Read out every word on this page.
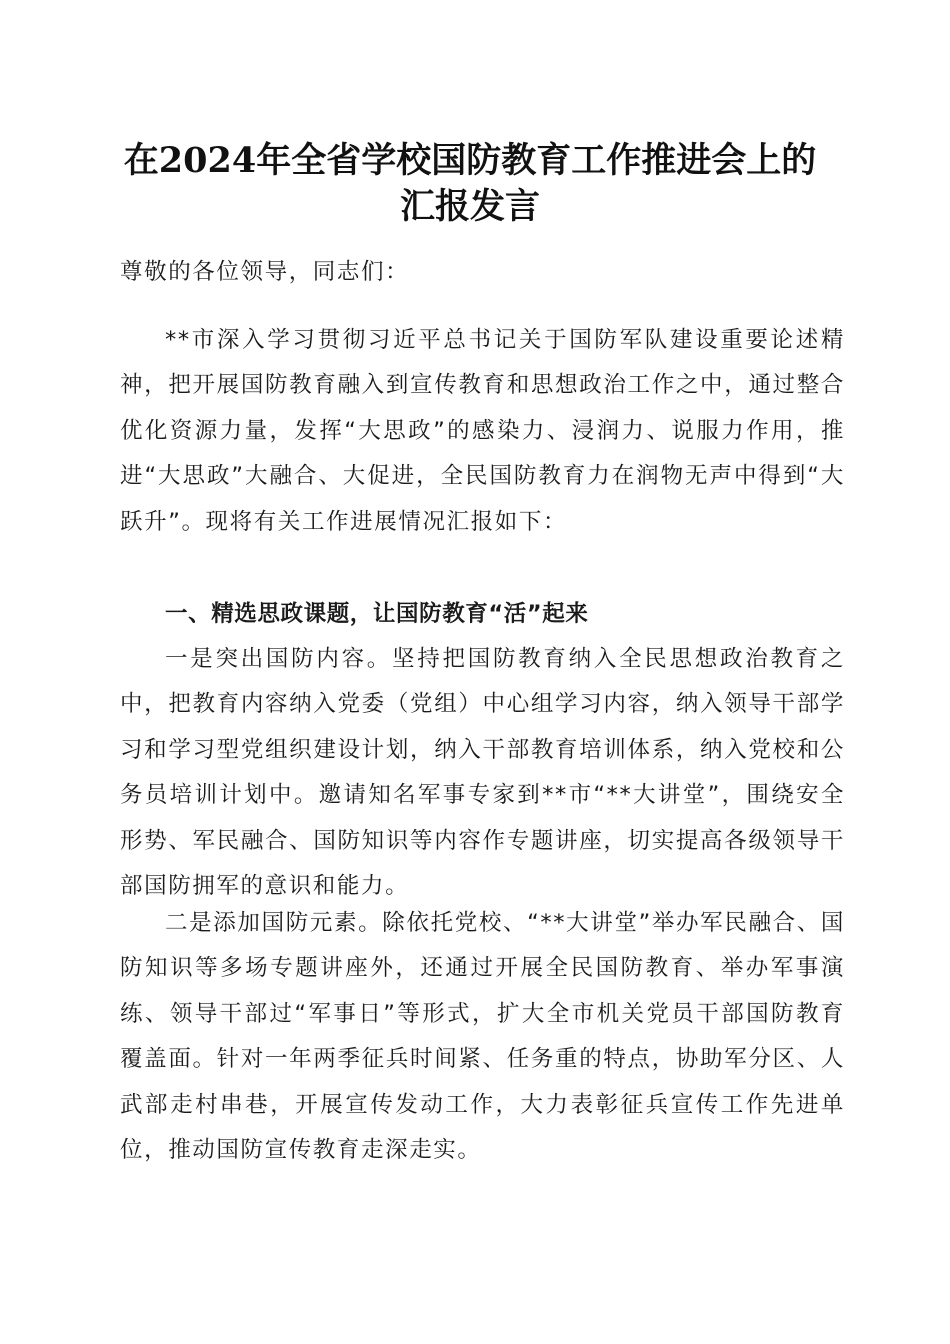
在2024年全省学校国防教育工作推进会上的
汇报发言
尊敬的各位领导，同志们：

**市深入学习贯彻习近平总书记关于国防军队建设重要论述精神，把开展国防教育融入到宣传教育和思想政治工作之中，通过整合优化资源力量，发挥“大思政”的感染力、浸润力、说服力作用，推进“大思政”大融合、大促进，全民国防教育力在润物无声中得到“大跃升”。现将有关工作进展情况汇报如下：

一、精选思政课题，让国防教育“活”起来

一是突出国防内容。坚持把国防教育纳入全民思想政治教育之中，把教育内容纳入党委（党组）中心组学习内容，纳入领导干部学习和学习型党组织建设计划，纳入干部教育培训体系，纳入党校和公务员培训计划中。邀请知名军事专家到**市“**大讲堂”，围绕安全形势、军民融合、国防知识等内容作专题讲座，切实提高各级领导干部国防拥军的意识和能力。

二是添加国防元素。除依托党校、“**大讲堂”举办军民融合、国防知识等多场专题讲座外，还通过开展全民国防教育、举办军事演练、领导干部过“军事日”等形式，扩大全市机关党员干部国防教育覆盖面。针对一年两季征兵时间紧、任务重的特点，协助军分区、人武部走村串巷，开展宣传发动工作，大力表彰征兵宣传工作先进单位，推动国防宣传教育走深走实。
